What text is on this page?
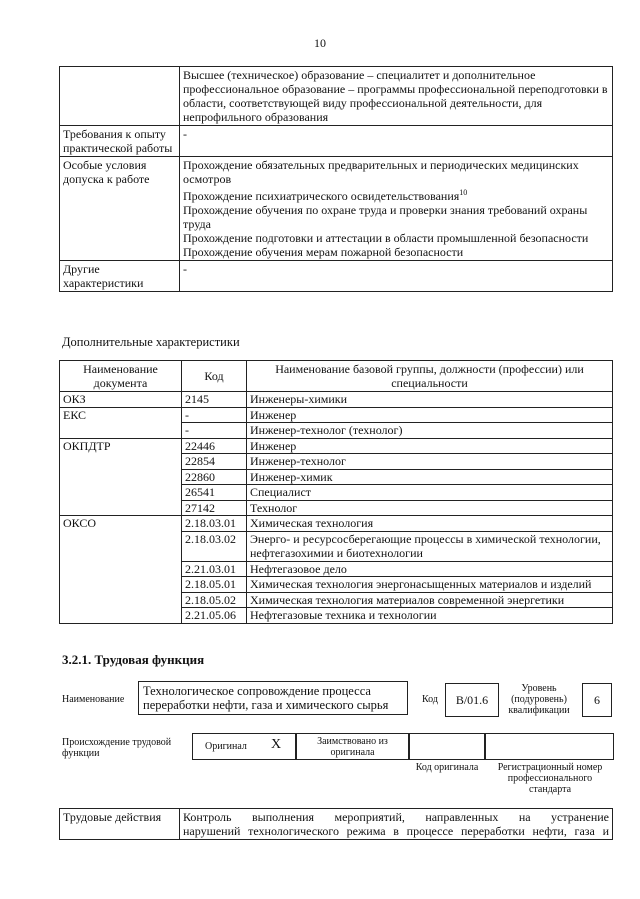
10
	Высшее (техническое) образование – специалитет и дополнительное профессиональное образование – программы профессиональной переподготовки в области, соответствующей виду профессиональной деятельности, для непрофильного образования
Требования к опыту практической работы	-
Особые условия допуска к работе	Прохождение обязательных предварительных и периодических медицинских осмотров
Прохождение психиатрического освидетельствования$^{10}$
Прохождение обучения по охране труда и проверки знания требований охраны труда
Прохождение подготовки и аттестации в области промышленной безопасности
Прохождение обучения мерам пожарной безопасности

Другие характеристики	-
Дополнительные характеристики
Наименование документа	Код	Наименование базовой группы, должности (профессии) или специальности
ОКЗ	2145	Инженеры-химики
ЕКС	-	Инженер
	-	Инженер-технолог (технолог)
ОКПДТР	22446	Инженер
	22854	Инженер-технолог
	22860	Инженер-химик
	26541	Специалист
	27142	Технолог
ОКСО	2.18.03.01	Химическая технология
	2.18.03.02	Энерго- и ресурсосберегающие процессы в химической технологии, нефтегазохимии и биотехнологии
	2.21.03.01	Нефтегазовое дело
	2.18.05.01	Химическая технология энергонасыщенных материалов и изделий
	2.18.05.02	Химическая технология материалов современной энергетики
	2.21.05.06	Нефтегазовые техника и технологии
3.2.1. Трудовая функция
Наименование
Технологическое сопровождение процесса переработки нефти, газа и химического сырья	Код	В/01.6
Уровень (подуровень) квалификации
6
Происхождение трудовой функции
Оригинал X	Заимствовано из оригинала
Код оригинала	Регистрационный номер профессионального стандарта
Трудовые действия	Контроль выполнения мероприятий, направленных на устранение
нарушений технологического режима в процессе переработки нефти, газа и
